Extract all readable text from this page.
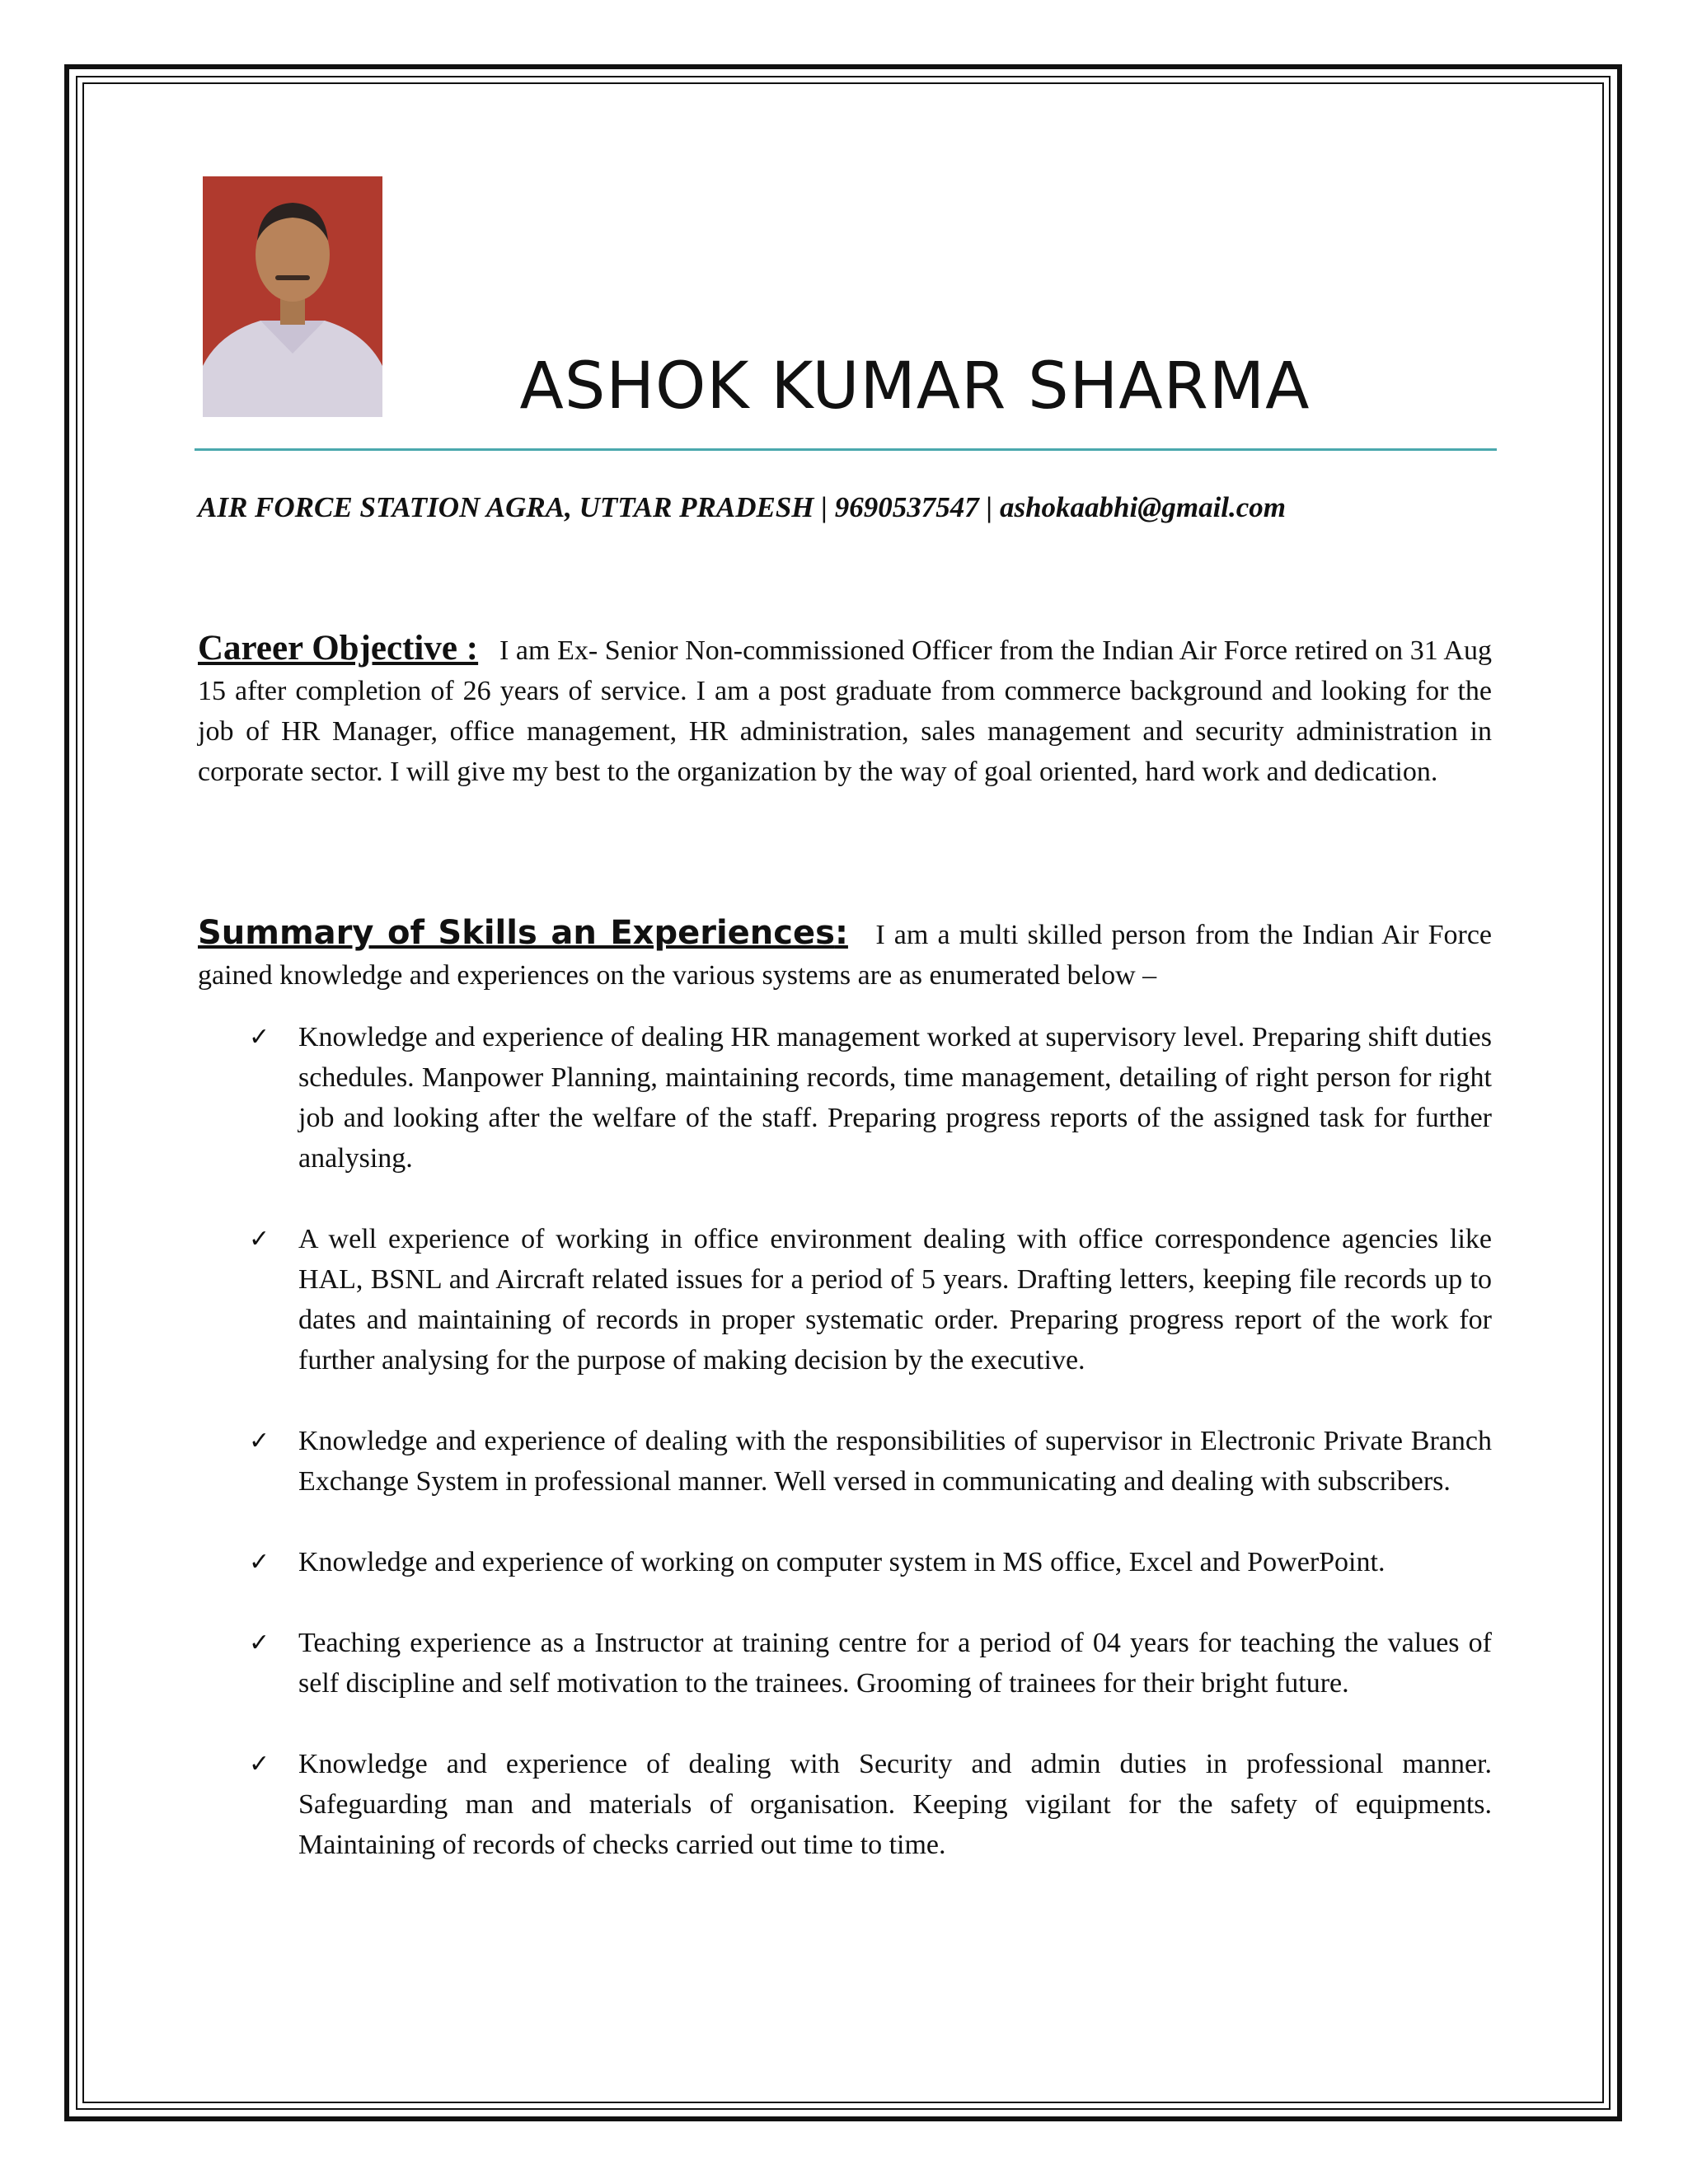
ASHOK KUMAR SHARMA
AIR FORCE STATION AGRA, UTTAR PRADESH | 9690537547 | ashokaabhi@gmail.com
Career Objective : I am Ex- Senior Non-commissioned Officer from the Indian Air Force retired on 31 Aug 15 after completion of 26 years of service. I am a post graduate from commerce background and looking for the job of HR Manager, office management, HR administration, sales management and security administration in corporate sector. I will give my best to the organization by the way of goal oriented, hard work and dedication.
Summary of Skills an Experiences: I am a multi skilled person from the Indian Air Force gained knowledge and experiences on the various systems are as enumerated below –
✓ Knowledge and experience of dealing HR management worked at supervisory level. Preparing shift duties schedules. Manpower Planning, maintaining records, time management, detailing of right person for right job and looking after the welfare of the staff. Preparing progress reports of the assigned task for further analysing.
✓ A well experience of working in office environment dealing with office correspondence agencies like HAL, BSNL and Aircraft related issues for a period of 5 years. Drafting letters, keeping file records up to dates and maintaining of records in proper systematic order. Preparing progress report of the work for further analysing for the purpose of making decision by the executive.
✓ Knowledge and experience of dealing with the responsibilities of supervisor in Electronic Private Branch Exchange System in professional manner. Well versed in communicating and dealing with subscribers.
✓ Knowledge and experience of working on computer system in MS office, Excel and PowerPoint.
✓ Teaching experience as a Instructor at training centre for a period of 04 years for teaching the values of self discipline and self motivation to the trainees. Grooming of trainees for their bright future.
✓ Knowledge and experience of dealing with Security and admin duties in professional manner. Safeguarding man and materials of organisation. Keeping vigilant for the safety of equipments. Maintaining of records of checks carried out time to time.
